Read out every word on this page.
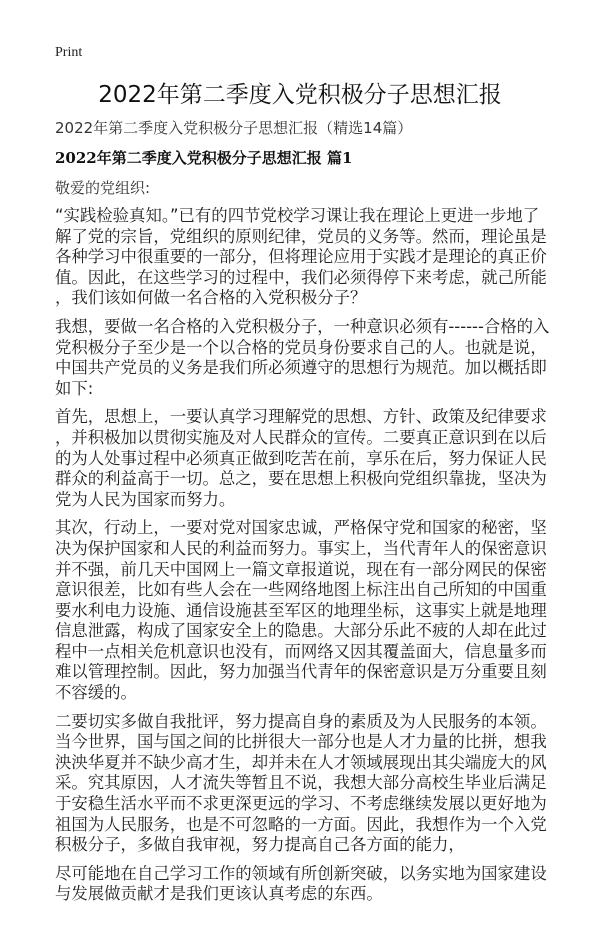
Print
2022年第二季度入党积极分子思想汇报
2022年第二季度入党积极分子思想汇报（精选14篇）
2022年第二季度入党积极分子思想汇报 篇1
敬爱的党组织:
“实践检验真知。”已有的四节党校学习课让我在理论上更进一步地了解了党的宗旨，党组织的原则纪律，党员的义务等。然而，理论虽是各种学习中很重要的一部分，但将理论应用于实践才是理论的真正价值。因此，在这些学习的过程中，我们必须得停下来考虑，就己所能，我们该如何做一名合格的入党积极分子？
我想，要做一名合格的入党积极分子，一种意识必须有------合格的入党积极分子至少是一个以合格的党员身份要求自己的人。也就是说，中国共产党员的义务是我们所必须遵守的思想行为规范。加以概括即如下:
首先，思想上，一要认真学习理解党的思想、方针、政策及纪律要求，并积极加以贯彻实施及对人民群众的宣传。二要真正意识到在以后的为人处事过程中必须真正做到吃苦在前，享乐在后，努力保证人民群众的利益高于一切。总之，要在思想上积极向党组织靠拢，坚决为党为人民为国家而努力。
其次，行动上，一要对党对国家忠诚，严格保守党和国家的秘密，坚决为保护国家和人民的利益而努力。事实上，当代青年人的保密意识并不强，前几天中国网上一篇文章报道说，现在有一部分网民的保密意识很差，比如有些人会在一些网络地图上标注出自己所知的中国重要水利电力设施、通信设施甚至军区的地理坐标，这事实上就是地理信息泄露，构成了国家安全上的隐患。大部分乐此不疲的人却在此过程中一点相关危机意识也没有，而网络又因其覆盖面大，信息量多而难以管理控制。因此，努力加强当代青年的保密意识是万分重要且刻不容缓的。
二要切实多做自我批评，努力提高自身的素质及为人民服务的本领。当今世界，国与国之间的比拼很大一部分也是人才力量的比拼，想我泱泱华夏并不缺少高才生，却并未在人才领域展现出其尖端庞大的风采。究其原因，人才流失等暂且不说，我想大部分高校生毕业后满足于安稳生活水平而不求更深更远的学习、不考虑继续发展以更好地为祖国为人民服务，也是不可忽略的一方面。因此，我想作为一个入党积极分子，多做自我审视，努力提高自己各方面的能力，
尽可能地在自己学习工作的领域有所创新突破，以务实地为国家建设与发展做贡献才是我们更该认真考虑的东西。
